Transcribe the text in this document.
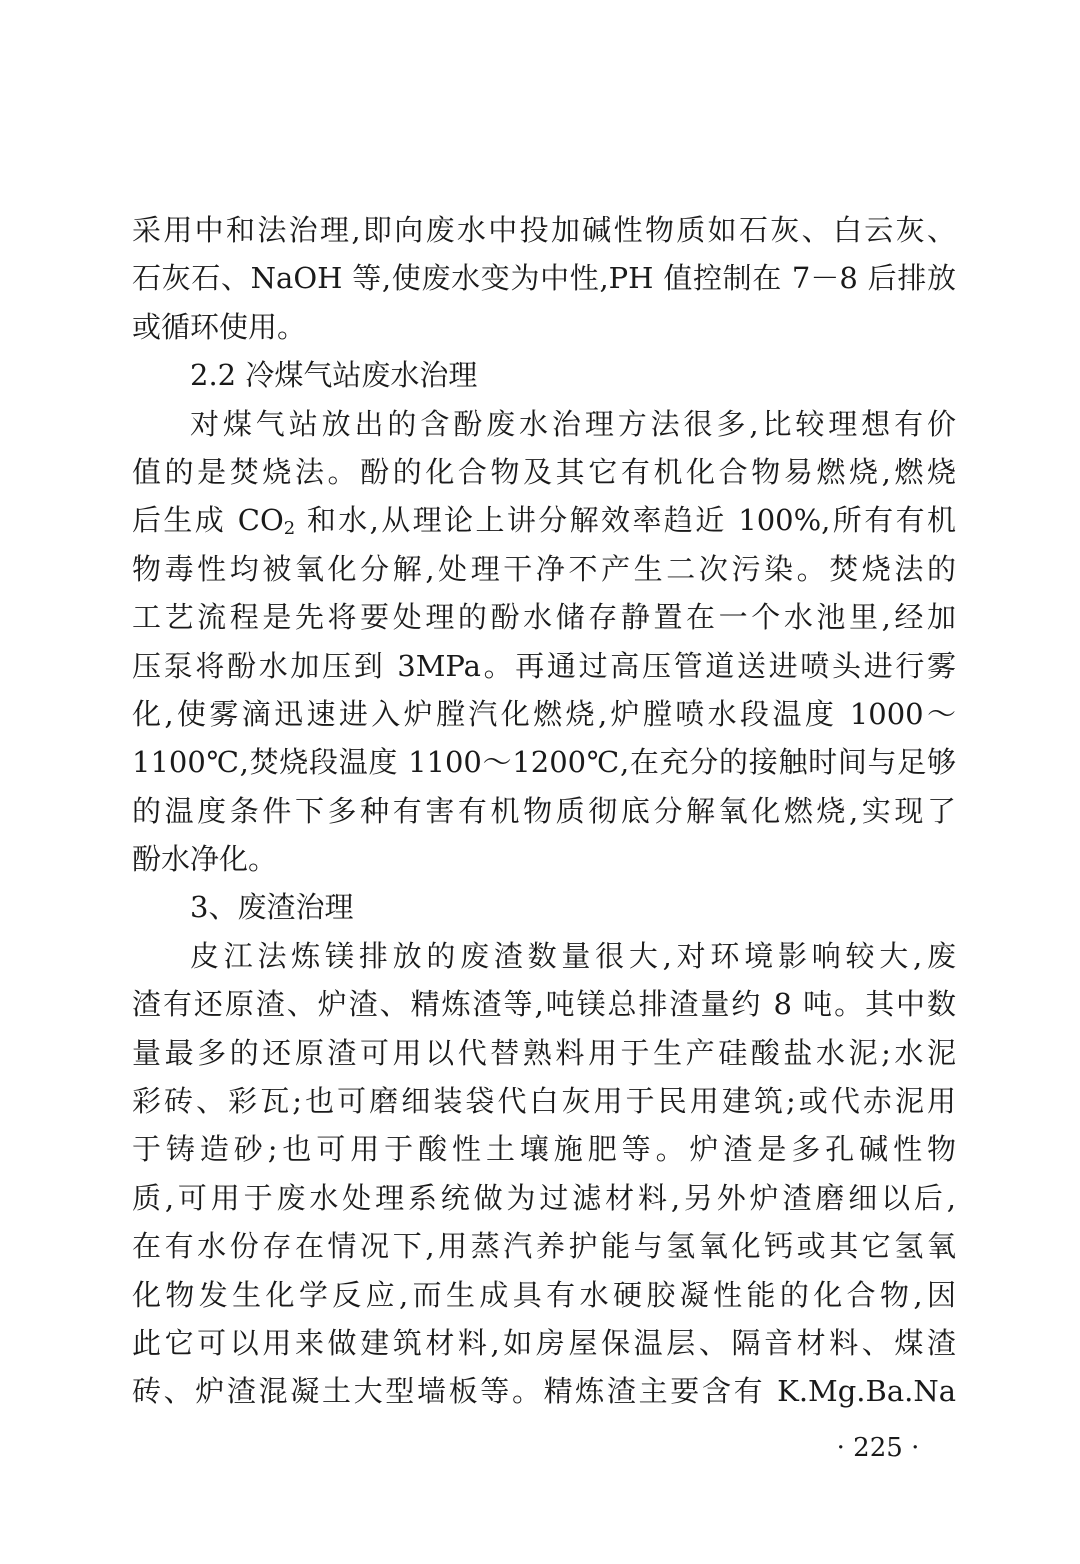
采用中和法治理,即向废水中投加碱性物质如石灰、白云灰、
石灰石、NaOH 等,使废水变为中性,PH 值控制在 7－8 后排放
或循环使用。
2.2 冷煤气站废水治理
对煤气站放出的含酚废水治理方法很多,比较理想有价
值的是焚烧法。酚的化合物及其它有机化合物易燃烧,燃烧
后生成 $CO_2$ 和水,从理论上讲分解效率趋近 100%,所有有机
物毒性均被氧化分解,处理干净不产生二次污染。焚烧法的
工艺流程是先将要处理的酚水储存静置在一个水池里,经加
压泵将酚水加压到 3MPa。再通过高压管道送进喷头进行雾
化,使雾滴迅速进入炉膛汽化燃烧,炉膛喷水段温度 1000～
1100℃,焚烧段温度 1100～1200℃,在充分的接触时间与足够
的温度条件下多种有害有机物质彻底分解氧化燃烧,实现了
酚水净化。
3、废渣治理
皮江法炼镁排放的废渣数量很大,对环境影响较大,废
渣有还原渣、炉渣、精炼渣等,吨镁总排渣量约 8 吨。其中数
量最多的还原渣可用以代替熟料用于生产硅酸盐水泥;水泥
彩砖、彩瓦;也可磨细装袋代白灰用于民用建筑;或代赤泥用
于铸造砂;也可用于酸性土壤施肥等。炉渣是多孔碱性物
质,可用于废水处理系统做为过滤材料,另外炉渣磨细以后,
在有水份存在情况下,用蒸汽养护能与氢氧化钙或其它氢氧
化物发生化学反应,而生成具有水硬胶凝性能的化合物,因
此它可以用来做建筑材料,如房屋保温层、隔音材料、煤渣
砖、炉渣混凝土大型墙板等。精炼渣主要含有 K.Mg.Ba.Na
· 225 ·
